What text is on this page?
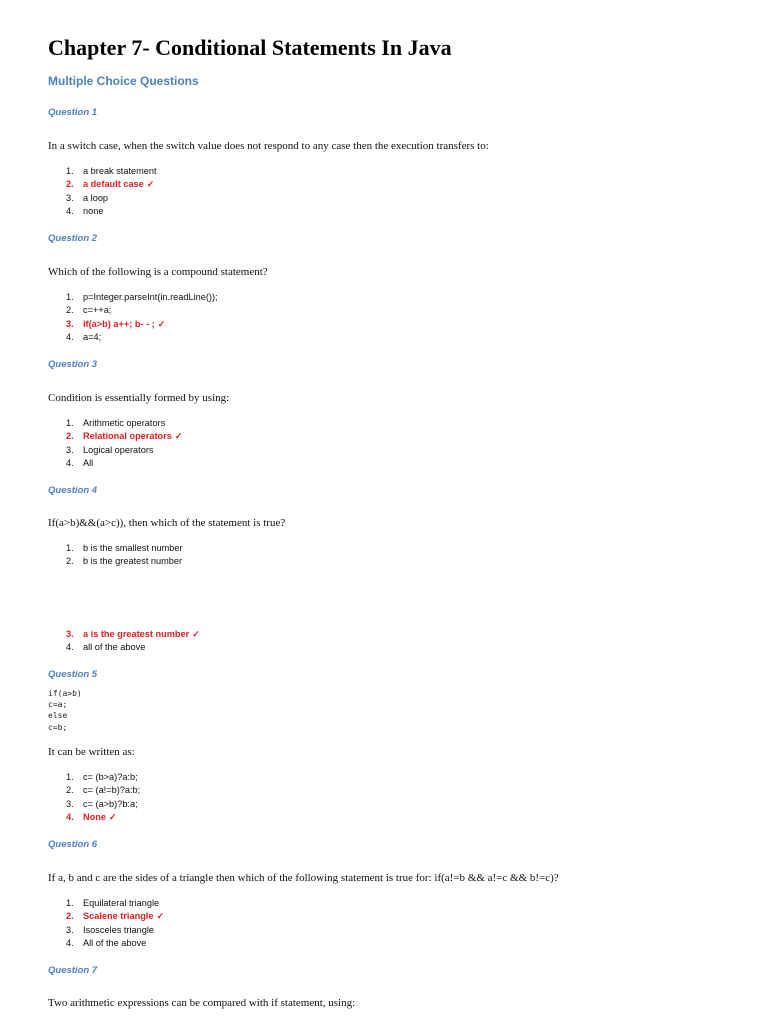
Chapter 7- Conditional Statements In Java
Multiple Choice Questions
Question 1
In a switch case, when the switch value does not respond to any case then the execution transfers to:
1.	a break statement
2.	a default case ✓
3.	a loop
4.	none
Question 2
Which of the following is a compound statement?
1.	p=Integer.parseInt(in.readLine());
2.	c=++a;
3.	if(a>b) a++; b- - ; ✓
4.	a=4;
Question 3
Condition is essentially formed by using:
1.	Arithmetic operators
2.	Relational operators ✓
3.	Logical operators
4.	All
Question 4
If(a>b)&&(a>c)), then which of the statement is true?
1.	b is the smallest number
2.	b is the greatest number
3.	a is the greatest number ✓
4.	all of the above
Question 5
if(a>b)
c=a;
else
c=b;
It can be written as:
1.	c= (b>a)?a:b;
2.	c= (a!=b)?a:b;
3.	c= (a>b)?b:a;
4.	None ✓
Question 6
If a, b and c are the sides of a triangle then which of the following statement is true for: if(a!=b && a!=c && b!=c)?
1.	Equilateral triangle
2.	Scalene triangle ✓
3.	Isosceles triangle
4.	All of the above
Question 7
Two arithmetic expressions can be compared with if statement, using:
